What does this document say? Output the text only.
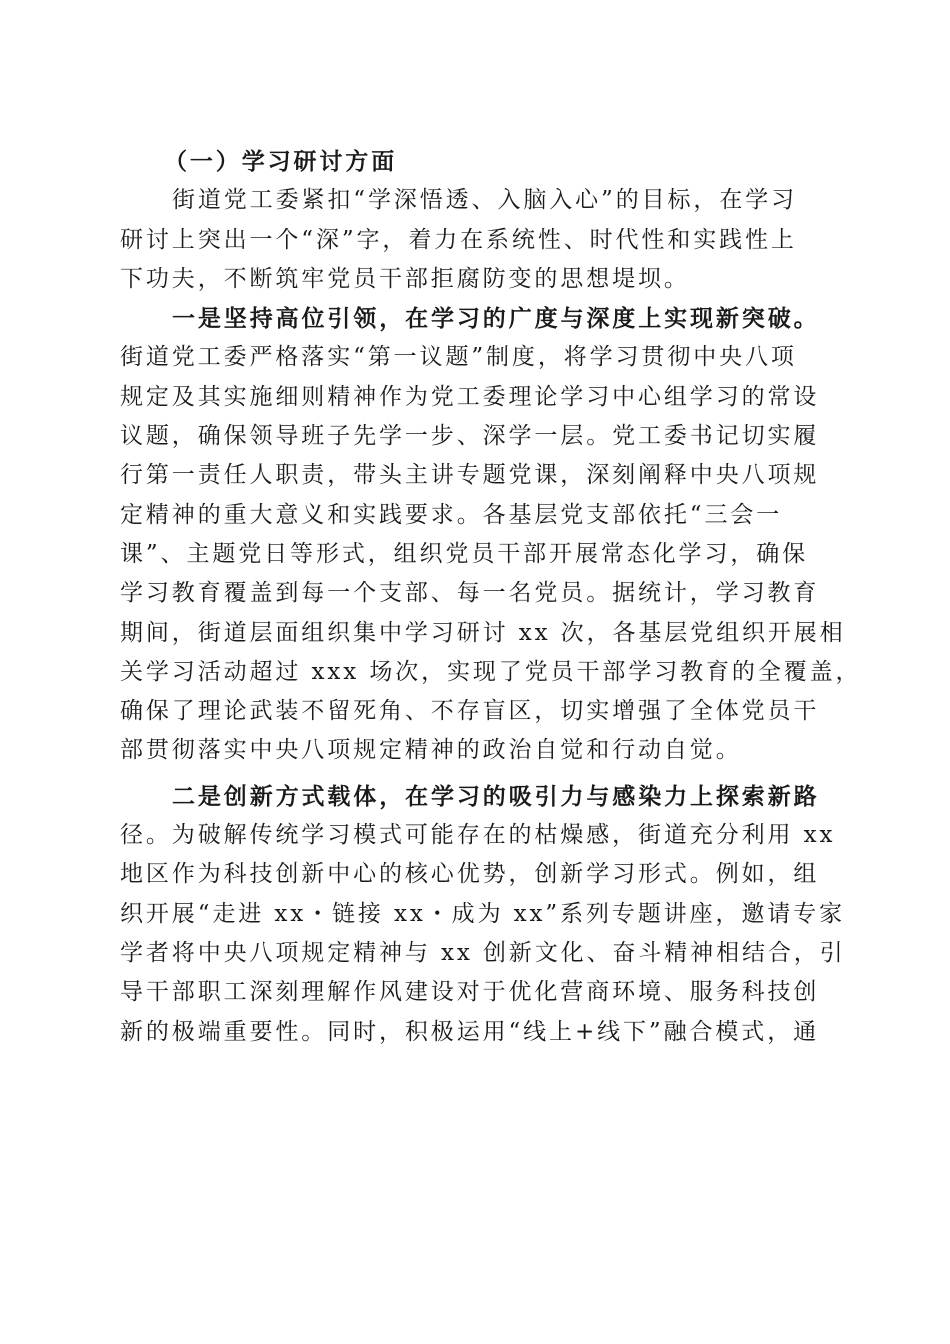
（一）学习研讨方面
街道党工委紧扣“学深悟透、入脑入心”的目标，在学习
研讨上突出一个“深”字，着力在系统性、时代性和实践性上
下功夫，不断筑牢党员干部拒腐防变的思想堤坝。
一是坚持高位引领，在学习的广度与深度上实现新突破。
街道党工委严格落实“第一议题”制度，将学习贯彻中央八项
规定及其实施细则精神作为党工委理论学习中心组学习的常设
议题，确保领导班子先学一步、深学一层。党工委书记切实履
行第一责任人职责，带头主讲专题党课，深刻阐释中央八项规
定精神的重大意义和实践要求。各基层党支部依托“三会一
课”、主题党日等形式，组织党员干部开展常态化学习，确保
学习教育覆盖到每一个支部、每一名党员。据统计，学习教育
期间，街道层面组织集中学习研讨 xx 次，各基层党组织开展相
关学习活动超过 xxx 场次，实现了党员干部学习教育的全覆盖，
确保了理论武装不留死角、不存盲区，切实增强了全体党员干
部贯彻落实中央八项规定精神的政治自觉和行动自觉。
二是创新方式载体，在学习的吸引力与感染力上探索新路
径。为破解传统学习模式可能存在的枯燥感，街道充分利用 xx
地区作为科技创新中心的核心优势，创新学习形式。例如，组
织开展“走进 xx・链接 xx・成为 xx”系列专题讲座，邀请专家
学者将中央八项规定精神与 xx 创新文化、奋斗精神相结合，引
导干部职工深刻理解作风建设对于优化营商环境、服务科技创
新的极端重要性。同时，积极运用“线上+线下”融合模式，通
